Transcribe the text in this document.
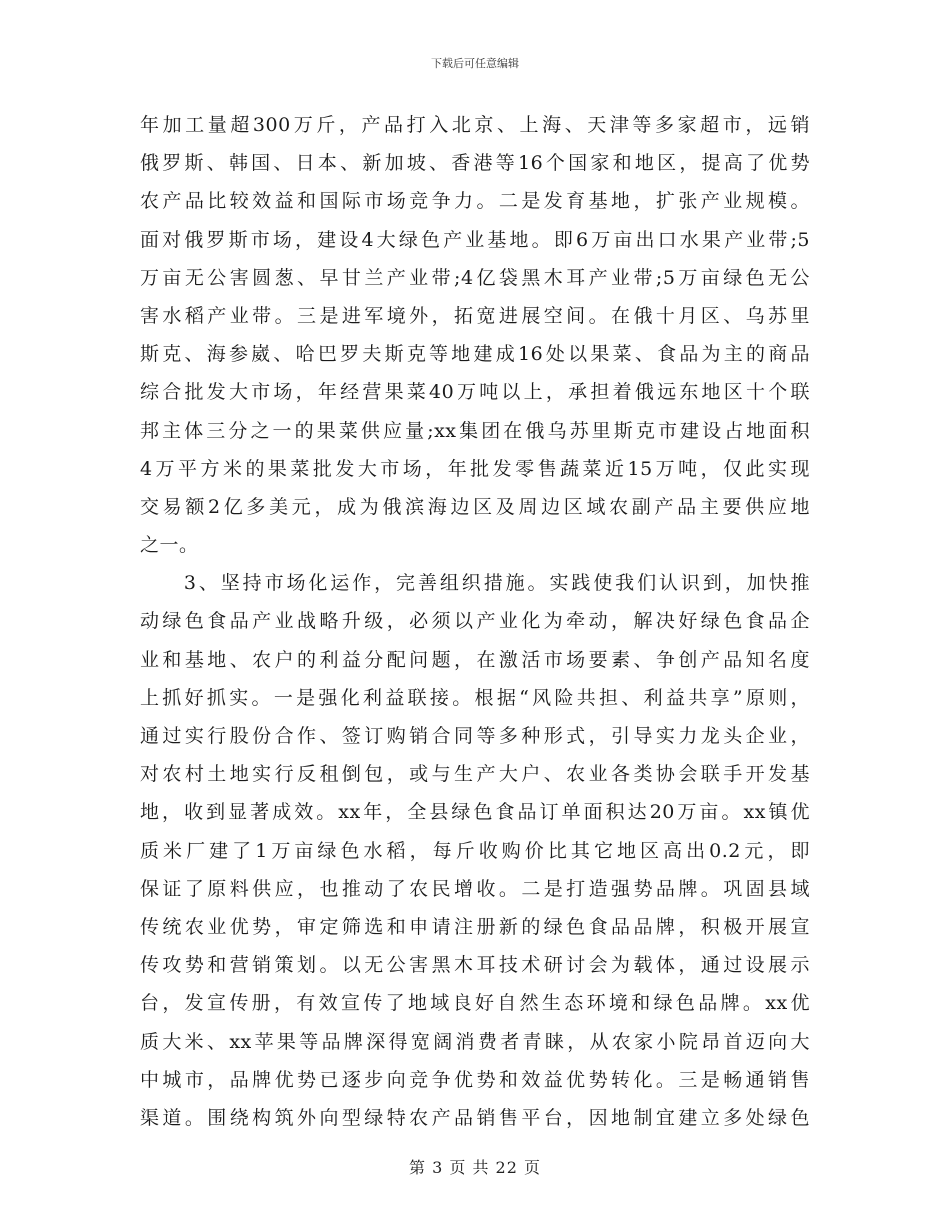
下载后可任意编辑
年加工量超300万斤，产品打入北京、上海、天津等多家超市，远销
俄罗斯、韩国、日本、新加坡、香港等16个国家和地区，提高了优势
农产品比较效益和国际市场竞争力。二是发育基地，扩张产业规模。
面对俄罗斯市场，建设4大绿色产业基地。即6万亩出口水果产业带;5
万亩无公害圆葱、早甘兰产业带;4亿袋黑木耳产业带;5万亩绿色无公
害水稻产业带。三是进军境外，拓宽进展空间。在俄十月区、乌苏里
斯克、海参崴、哈巴罗夫斯克等地建成16处以果菜、食品为主的商品
综合批发大市场，年经营果菜40万吨以上，承担着俄远东地区十个联
邦主体三分之一的果菜供应量;xx集团在俄乌苏里斯克市建设占地面积
4万平方米的果菜批发大市场，年批发零售蔬菜近15万吨，仅此实现
交易额2亿多美元，成为俄滨海边区及周边区域农副产品主要供应地
之一。
　　3、坚持市场化运作，完善组织措施。实践使我们认识到，加快推
动绿色食品产业战略升级，必须以产业化为牵动，解决好绿色食品企
业和基地、农户的利益分配问题，在激活市场要素、争创产品知名度
上抓好抓实。一是强化利益联接。根据“风险共担、利益共享”原则，
通过实行股份合作、签订购销合同等多种形式，引导实力龙头企业，
对农村土地实行反租倒包，或与生产大户、农业各类协会联手开发基
地，收到显著成效。xx年，全县绿色食品订单面积达20万亩。xx镇优
质米厂建了1万亩绿色水稻，每斤收购价比其它地区高出0.2元，即
保证了原料供应，也推动了农民增收。二是打造强势品牌。巩固县域
传统农业优势，审定筛选和申请注册新的绿色食品品牌，积极开展宣
传攻势和营销策划。以无公害黑木耳技术研讨会为载体，通过设展示
台，发宣传册，有效宣传了地域良好自然生态环境和绿色品牌。xx优
质大米、xx苹果等品牌深得宽阔消费者青睐，从农家小院昂首迈向大
中城市，品牌优势已逐步向竞争优势和效益优势转化。三是畅通销售
渠道。围绕构筑外向型绿特农产品销售平台，因地制宜建立多处绿色
第 3 页 共 22 页
